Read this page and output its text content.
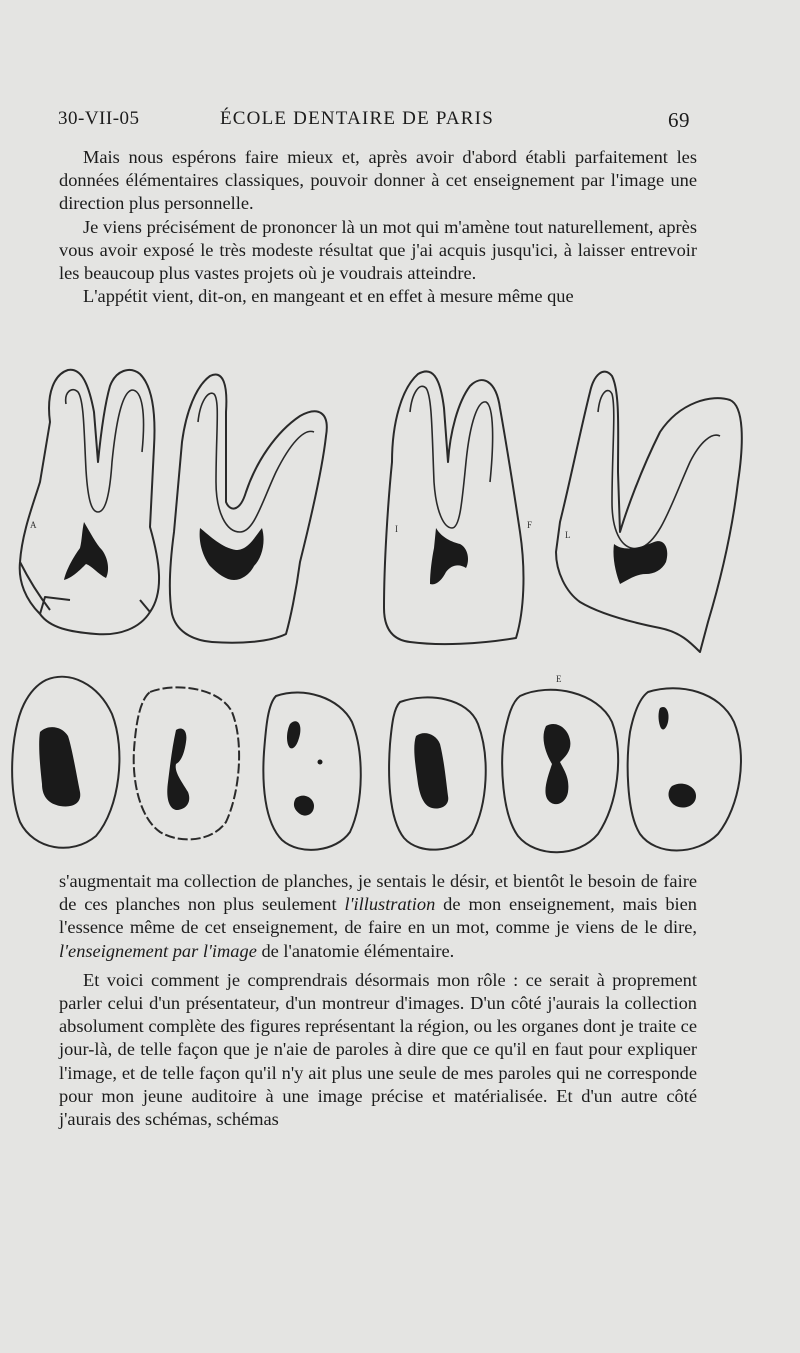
30-VII-05	ÉCOLE DENTAIRE DE PARIS	69

Mais nous espérons faire mieux et, après avoir d'abord établi parfaitement les données élémentaires classiques, pouvoir donner à cet enseignement par l'image une direction plus personnelle.

Je viens précisément de prononcer là un mot qui m'amène tout naturellement, après vous avoir exposé le très modeste résultat que j'ai acquis jusqu'ici, à laisser entrevoir les beaucoup plus vastes projets où je voudrais atteindre.

L'appétit vient, dit-on, en mangeant et en effet à mesure même que

A	I	F
L
E

s'augmentait ma collection de planches, je sentais le désir, et bientôt le besoin de faire de ces planches non plus seulement l'illustration de mon enseignement, mais bien l'essence même de cet enseignement, de faire en un mot, comme je viens de le dire, l'enseignement par l'image de l'anatomie élémentaire.

Et voici comment je comprendrais désormais mon rôle : ce serait à proprement parler celui d'un présentateur, d'un montreur d'images. D'un côté j'aurais la collection absolument complète des figures représentant la région, ou les organes dont je traite ce jour-là, de telle façon que je n'aie de paroles à dire que ce qu'il en faut pour expliquer l'image, et de telle façon qu'il n'y ait plus une seule de mes paroles qui ne corresponde pour mon jeune auditoire à une image précise et matérialisée. Et d'un autre côté j'aurais des schémas, schémas
